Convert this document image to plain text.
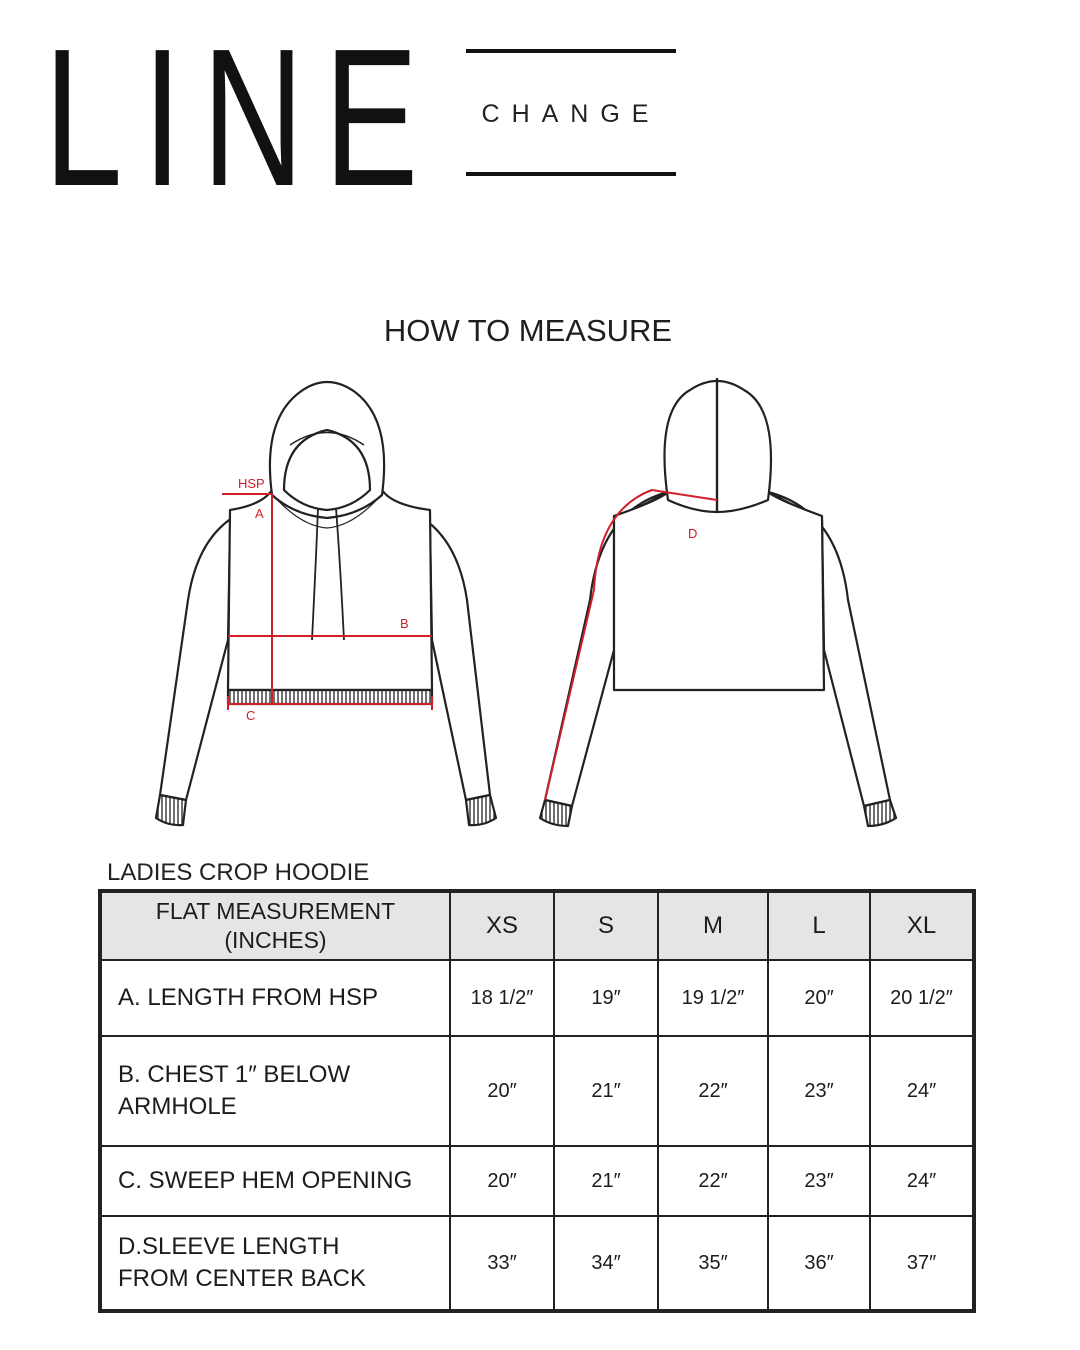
LINE	CHANGE
HOW TO MEASURE
HSP
A
B
C
D
LADIES CROP HOODIE
FLAT MEASUREMENT
(INCHES)	XS	S	M	L	XL
A. LENGTH FROM HSP	18 1/2″	19″	19 1/2″	20″	20 1/2″
B. CHEST 1″ BELOW
ARMHOLE	20″	21″	22″	23″	24″
C. SWEEP HEM OPENING	20″	21″	22″	23″	24″
D.SLEEVE LENGTH
FROM CENTER BACK	33″	34″	35″	36″	37″
